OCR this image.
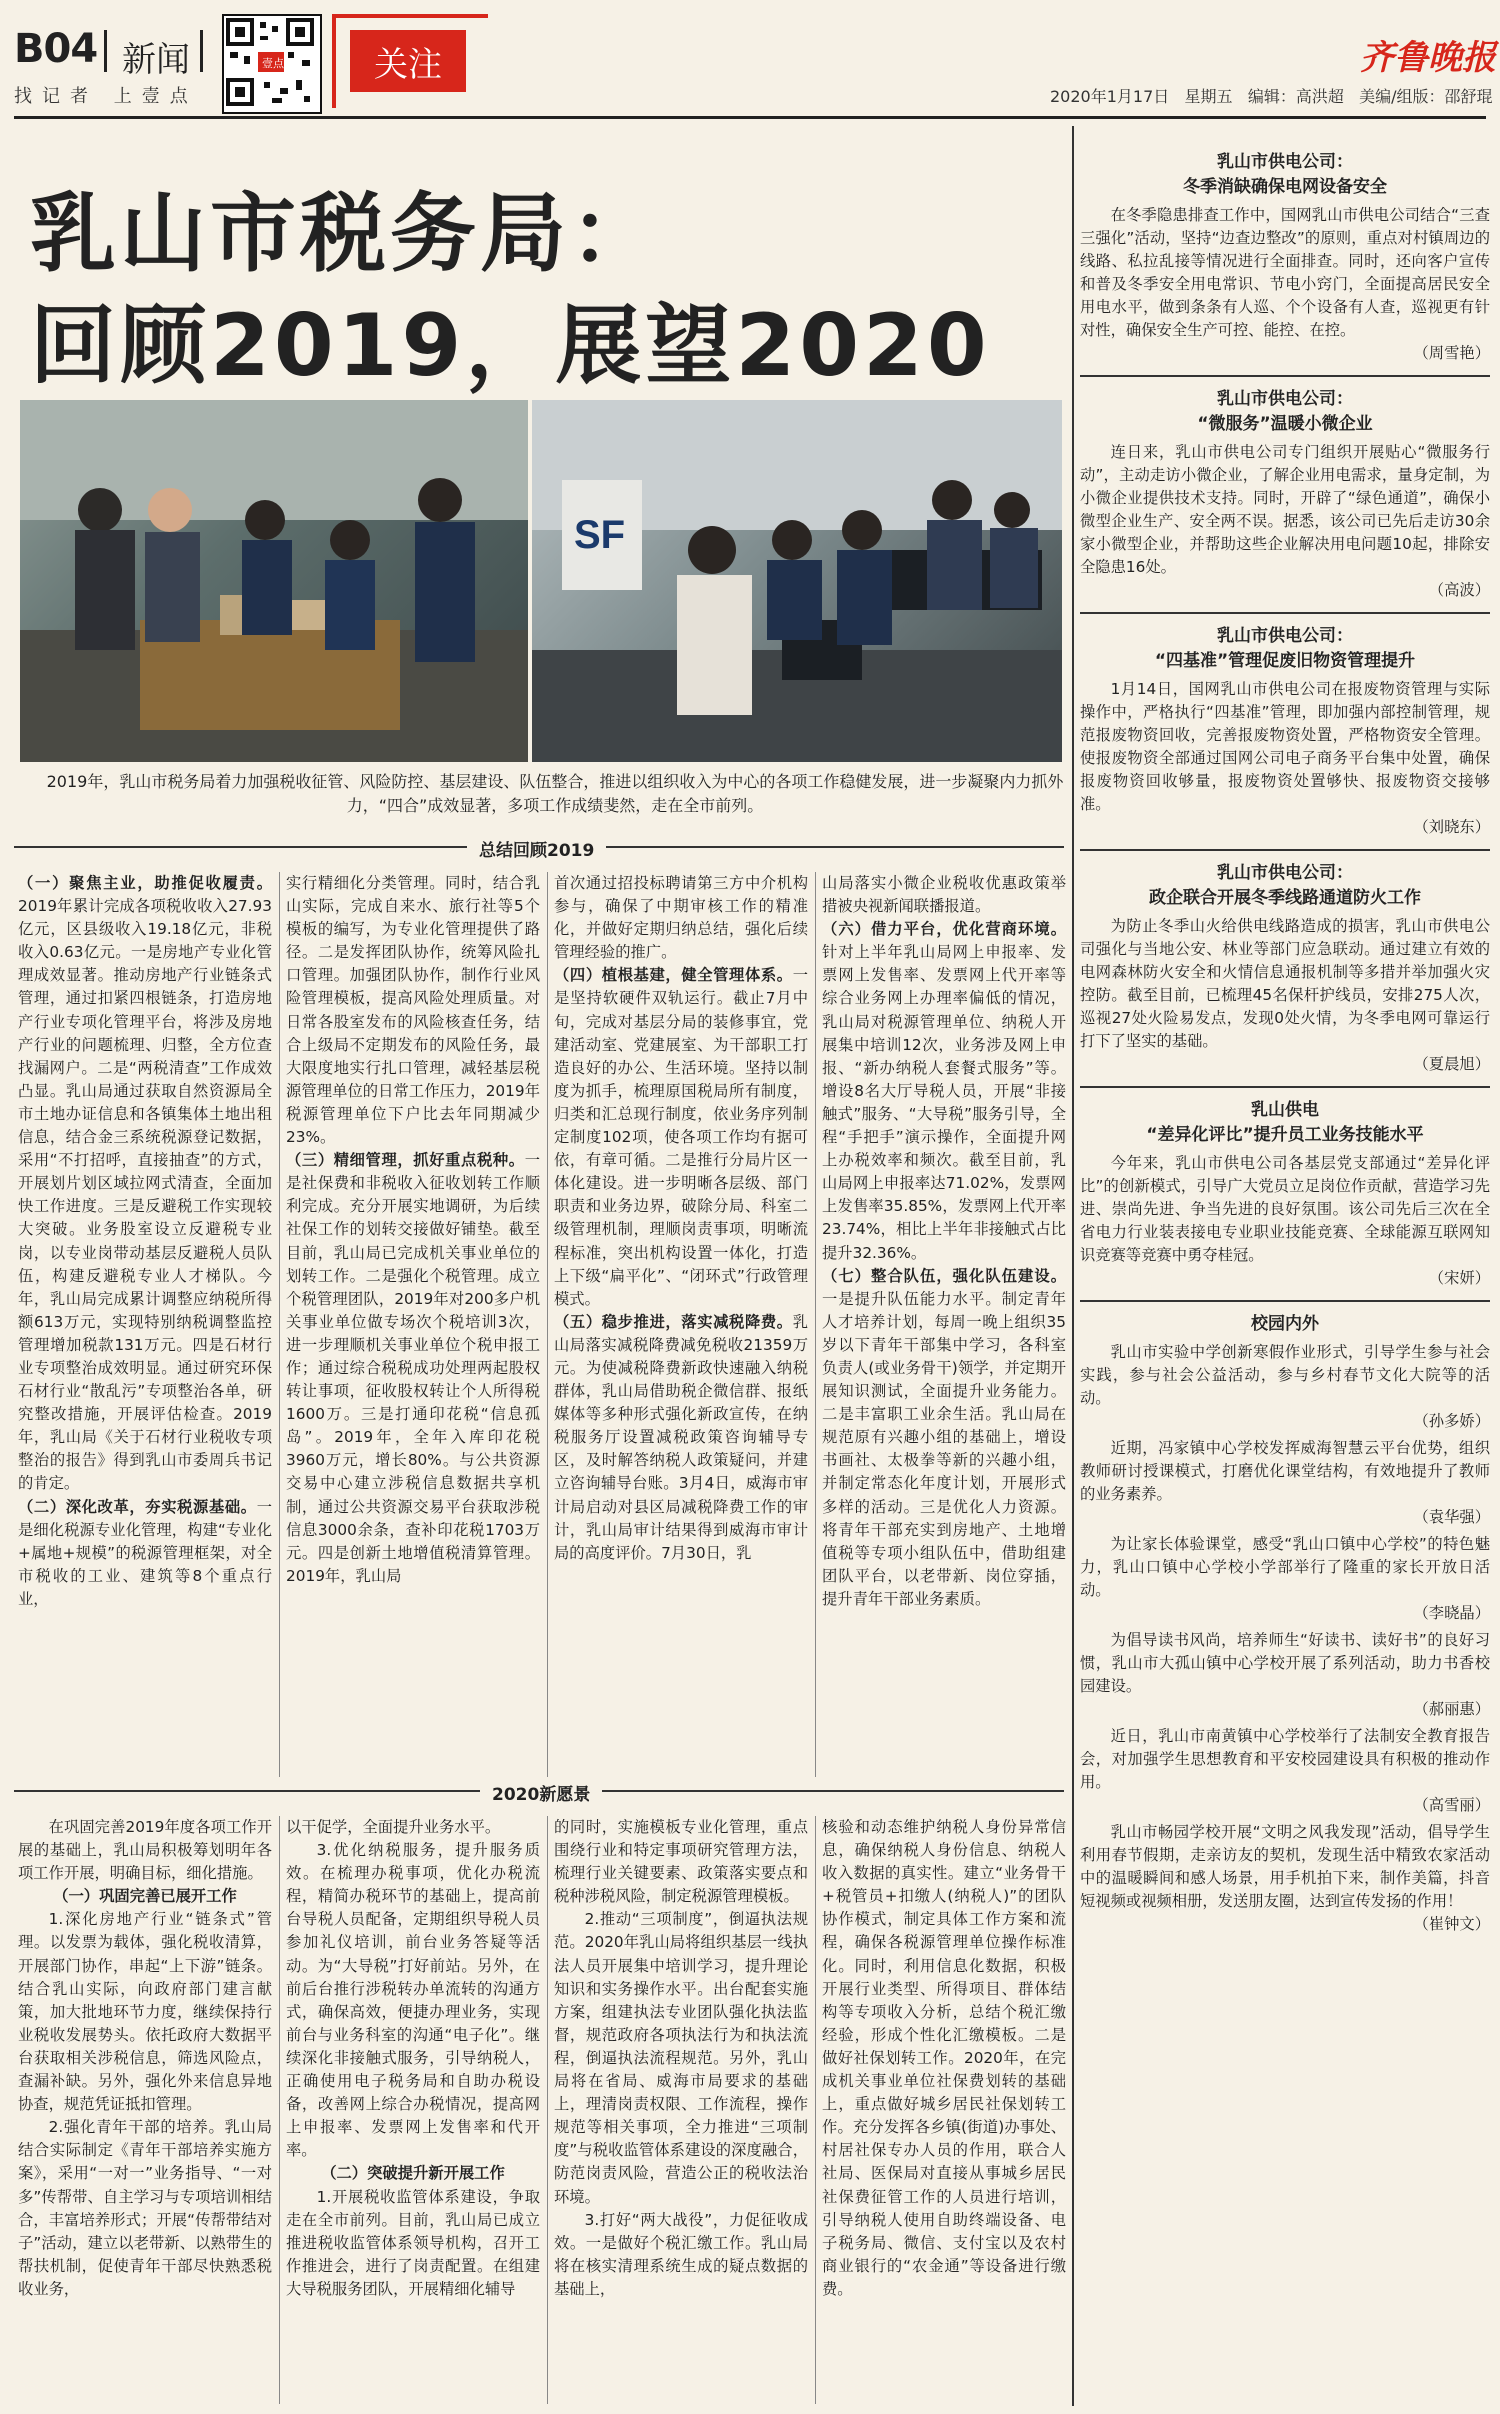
B04 新闻
找记者 上壹点
壹点	关注	齐鲁晚报
2020年1月17日 星期五 编辑：高洪超 美编/组版：邵舒琨
乳山市税务局：
回顾2019，展望2020
SF
2019年，乳山市税务局着力加强税收征管、风险防控、基层建设、队伍整合，推进以组织收入为中心的各项工作稳健发展，进一步凝聚内力抓外力，“四合”成效显著，多项工作成绩斐然，走在全市前列。
总结回顾2019

（一）聚焦主业，助推促收履责。2019年累计完成各项税收收入27.93亿元，区县级收入19.18亿元，非税收入0.63亿元。一是房地产专业化管理成效显著。推动房地产行业链条式管理，通过扣紧四根链条，打造房地产行业专项化管理平台，将涉及房地产行业的问题梳理、归整，全方位查找漏网户。二是“两税清查”工作成效凸显。乳山局通过获取自然资源局全市土地办证信息和各镇集体土地出租信息，结合金三系统税源登记数据，采用“不打招呼，直接抽查”的方式，开展划片划区域拉网式清查，全面加快工作进度。三是反避税工作实现较大突破。业务股室设立反避税专业岗，以专业岗带动基层反避税人员队伍，构建反避税专业人才梯队。今年，乳山局完成累计调整应纳税所得额613万元，实现特别纳税调整监控管理增加税款131万元。四是石材行业专项整治成效明显。通过研究环保石材行业“散乱污”专项整治各单，研究整改措施，开展评估检查。2019年，乳山局《关于石材行业税收专项整治的报告》得到乳山市委周兵书记的肯定。

（二）深化改革，夯实税源基础。一是细化税源专业化管理，构建“专业化+属地+规模”的税源管理框架，对全市税收的工业、建筑等8个重点行业，

实行精细化分类管理。同时，结合乳山实际，完成自来水、旅行社等5个模板的编写，为专业化管理提供了路径。二是发挥团队协作，统筹风险扎口管理。加强团队协作，制作行业风险管理模板，提高风险处理质量。对日常各股室发布的风险核查任务，结合上级局不定期发布的风险任务，最大限度地实行扎口管理，减轻基层税源管理单位的日常工作压力，2019年税源管理单位下户比去年同期减少23%。

（三）精细管理，抓好重点税种。一是社保费和非税收入征收划转工作顺利完成。充分开展实地调研，为后续社保工作的划转交接做好铺垫。截至目前，乳山局已完成机关事业单位的划转工作。二是强化个税管理。成立个税管理团队，2019年对200多户机关事业单位做专场次个税培训3次，进一步理顺机关事业单位个税申报工作；通过综合税税成功处理两起股权转让事项，征收股权转让个人所得税1600万。三是打通印花税“信息孤岛”。2019年，全年入库印花税3960万元，增长80%。与公共资源交易中心建立涉税信息数据共享机制，通过公共资源交易平台获取涉税信息3000余条，查补印花税1703万元。四是创新土地增值税清算管理。2019年，乳山局

首次通过招投标聘请第三方中介机构参与，确保了中期审核工作的精准化，并做好定期归纳总结，强化后续管理经验的推广。

（四）植根基建，健全管理体系。一是坚持软硬件双轨运行。截止7月中旬，完成对基层分局的装修事宜，党建活动室、党建展室、为干部职工打造良好的办公、生活环境。坚持以制度为抓手，梳理原国税局所有制度，归类和汇总现行制度，依业务序列制定制度102项，使各项工作均有据可依，有章可循。二是推行分局片区一体化建设。进一步明晰各层级、部门职责和业务边界，破除分局、科室二级管理机制，理顺岗责事项，明晰流程标准，突出机构设置一体化，打造上下级“扁平化”、“闭环式”行政管理模式。

（五）稳步推进，落实减税降费。乳山局落实减税降费减免税收21359万元。为使减税降费新政快速融入纳税群体，乳山局借助税企微信群、报纸媒体等多种形式强化新政宣传，在纳税服务厅设置减税政策咨询辅导专区，及时解答纳税人政策疑问，并建立咨询辅导台账。3月4日，威海市审计局启动对县区局减税降费工作的审计，乳山局审计结果得到威海市审计局的高度评价。7月30日，乳

山局落实小微企业税收优惠政策举措被央视新闻联播报道。

（六）借力平台，优化营商环境。针对上半年乳山局网上申报率、发票网上发售率、发票网上代开率等综合业务网上办理率偏低的情况，乳山局对税源管理单位、纳税人开展集中培训12次，业务涉及网上申报、“新办纳税人套餐式服务”等。增设8名大厅导税人员，开展“非接触式”服务、“大导税”服务引导，全程“手把手”演示操作，全面提升网上办税效率和频次。截至目前，乳山局网上申报率达71.02%，发票网上发售率35.85%，发票网上代开率23.74%，相比上半年非接触式占比提升32.36%。

（七）整合队伍，强化队伍建设。一是提升队伍能力水平。制定青年人才培养计划，每周一晚上组织35岁以下青年干部集中学习，各科室负责人(或业务骨干)领学，并定期开展知识测试，全面提升业务能力。二是丰富职工业余生活。乳山局在规范原有兴趣小组的基础上，增设书画社、太极拳等新的兴趣小组，并制定常态化年度计划，开展形式多样的活动。三是优化人力资源。将青年干部充实到房地产、土地增值税等专项小组队伍中，借助组建团队平台，以老带新、岗位穿插，提升青年干部业务素质。

2020新愿景

在巩固完善2019年度各项工作开展的基础上，乳山局积极筹划明年各项工作开展，明确目标，细化措施。

（一）巩固完善已展开工作

1.深化房地产行业“链条式”管理。以发票为载体，强化税收清算，开展部门协作，串起“上下游”链条。结合乳山实际，向政府部门建言献策，加大批地环节力度，继续保持行业税收发展势头。依托政府大数据平台获取相关涉税信息，筛选风险点，查漏补缺。另外，强化外来信息异地协查，规范凭证抵扣管理。

2.强化青年干部的培养。乳山局结合实际制定《青年干部培养实施方案》，采用“一对一”业务指导、“一对多”传帮带、自主学习与专项培训相结合，丰富培养形式；开展“传帮带结对子”活动，建立以老带新、以熟带生的帮扶机制，促使青年干部尽快熟悉税收业务，

以干促学，全面提升业务水平。

3.优化纳税服务，提升服务质效。在梳理办税事项，优化办税流程，精简办税环节的基础上，提高前台导税人员配备，定期组织导税人员参加礼仪培训，前台业务答疑等活动。为“大导税”打好前站。另外，在前后台推行涉税转办单流转的沟通方式，确保高效，便捷办理业务，实现前台与业务科室的沟通“电子化”。继续深化非接触式服务，引导纳税人，正确使用电子税务局和自助办税设备，改善网上综合办税情况，提高网上申报率、发票网上发售率和代开率。

（二）突破提升新开展工作

1.开展税收监管体系建设，争取走在全市前列。目前，乳山局已成立推进税收监管体系领导机构，召开工作推进会，进行了岗责配置。在组建大导税服务团队，开展精细化辅导

的同时，实施模板专业化管理，重点围绕行业和特定事项研究管理方法，梳理行业关键要素、政策落实要点和税种涉税风险，制定税源管理模板。

2.推动“三项制度”，倒逼执法规范。2020年乳山局将组织基层一线执法人员开展集中培训学习，提升理论知识和实务操作水平。出台配套实施方案，组建执法专业团队强化执法监督，规范政府各项执法行为和执法流程，倒逼执法流程规范。另外，乳山局将在省局、威海市局要求的基础上，理清岗责权限、工作流程，操作规范等相关事项，全力推进“三项制度”与税收监管体系建设的深度融合，防范岗责风险，营造公正的税收法治环境。

3.打好“两大战役”，力促征收成效。一是做好个税汇缴工作。乳山局将在核实清理系统生成的疑点数据的基础上，

核验和动态维护纳税人身份异常信息，确保纳税人身份信息、纳税人收入数据的真实性。建立“业务骨干+税管员+扣缴人(纳税人)”的团队协作模式，制定具体工作方案和流程，确保各税源管理单位操作标准化。同时，利用信息化数据，积极开展行业类型、所得项目、群体结构等专项收入分析，总结个税汇缴经验，形成个性化汇缴模板。二是做好社保划转工作。2020年，在完成机关事业单位社保费划转的基础上，重点做好城乡居民社保划转工作。充分发挥各乡镇(街道)办事处、村居社保专办人员的作用，联合人社局、医保局对直接从事城乡居民社保费征管工作的人员进行培训，引导纳税人使用自助终端设备、电子税务局、微信、支付宝以及农村商业银行的“农金通”等设备进行缴费。

乳山市供电公司：
冬季消缺确保电网设备安全
在冬季隐患排查工作中，国网乳山市供电公司结合“三查三强化”活动，坚持“边查边整改”的原则，重点对村镇周边的线路、私拉乱接等情况进行全面排查。同时，还向客户宣传和普及冬季安全用电常识、节电小窍门，全面提高居民安全用电水平，做到条条有人巡、个个设备有人查，巡视更有针对性，确保安全生产可控、能控、在控。
（周雪艳）
乳山市供电公司：
“微服务”温暖小微企业
连日来，乳山市供电公司专门组织开展贴心“微服务行动”，主动走访小微企业，了解企业用电需求，量身定制，为小微企业提供技术支持。同时，开辟了“绿色通道”，确保小微型企业生产、安全两不误。据悉，该公司已先后走访30余家小微型企业，并帮助这些企业解决用电问题10起，排除安全隐患16处。
（高波）
乳山市供电公司：
“四基准”管理促废旧物资管理提升
1月14日，国网乳山市供电公司在报废物资管理与实际操作中，严格执行“四基准”管理，即加强内部控制管理，规范报废物资回收，完善报废物资处置，严格物资安全管理。使报废物资全部通过国网公司电子商务平台集中处置，确保报废物资回收够量，报废物资处置够快、报废物资交接够准。
（刘晓东）
乳山市供电公司：
政企联合开展冬季线路通道防火工作
为防止冬季山火给供电线路造成的损害，乳山市供电公司强化与当地公安、林业等部门应急联动。通过建立有效的电网森林防火安全和火情信息通报机制等多措并举加强火灾控防。截至目前，已梳理45名保杆护线员，安排275人次，巡视27处火险易发点，发现0处火情，为冬季电网可靠运行打下了坚实的基础。
（夏晨旭）
乳山供电
“差异化评比”提升员工业务技能水平
今年来，乳山市供电公司各基层党支部通过“差异化评比”的创新模式，引导广大党员立足岗位作贡献，营造学习先进、崇尚先进、争当先进的良好氛围。该公司先后三次在全省电力行业装表接电专业职业技能竞赛、全球能源互联网知识竞赛等竞赛中勇夺桂冠。
（宋妍）
校园内外
乳山市实验中学创新寒假作业形式，引导学生参与社会实践，参与社会公益活动，参与乡村春节文化大院等的活动。
（孙多娇）
近期，冯家镇中心学校发挥威海智慧云平台优势，组织教师研讨授课模式，打磨优化课堂结构，有效地提升了教师的业务素养。
（袁华强）
为让家长体验课堂，感受“乳山口镇中心学校”的特色魅力，乳山口镇中心学校小学部举行了隆重的家长开放日活动。
（李晓晶）
为倡导读书风尚，培养师生“好读书、读好书”的良好习惯，乳山市大孤山镇中心学校开展了系列活动，助力书香校园建设。
（郝丽惠）
近日，乳山市南黄镇中心学校举行了法制安全教育报告会，对加强学生思想教育和平安校园建设具有积极的推动作用。
（高雪丽）
乳山市畅园学校开展“文明之风我发现”活动，倡导学生利用春节假期，走亲访友的契机，发现生活中精致农家活动中的温暖瞬间和感人场景，用手机拍下来，制作美篇，抖音短视频或视频相册，发送朋友圈，达到宣传发扬的作用！
（崔钟文）
